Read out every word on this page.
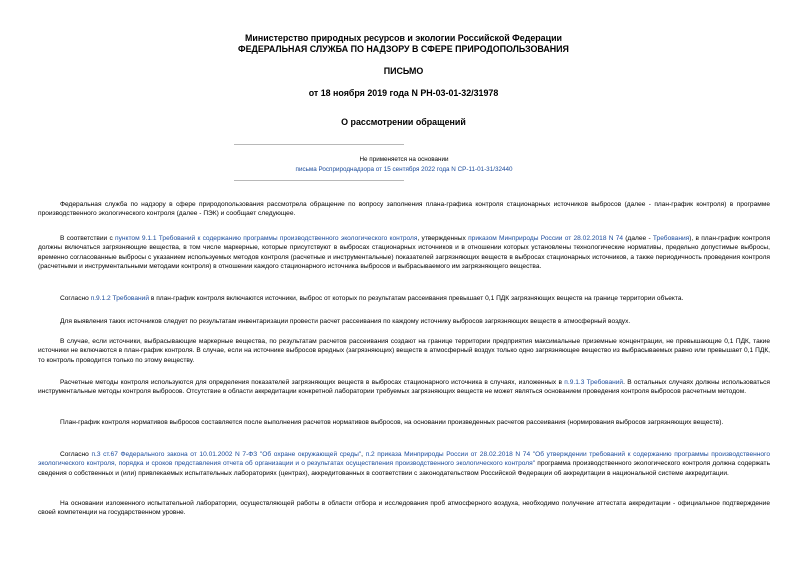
Министерство природных ресурсов и экологии Российской Федерации
ФЕДЕРАЛЬНАЯ СЛУЖБА ПО НАДЗОРУ В СФЕРЕ ПРИРОДОПОЛЬЗОВАНИЯ
ПИСЬМО
от 18 ноября 2019 года N РН-03-01-32/31978
О рассмотрении обращений
Не применяется на основании
письма Росприроднадзора от 15 сентября 2022 года N СР-11-01-31/32440

Федеральная служба по надзору в сфере природопользования рассмотрела обращение по вопросу заполнения плана-графика контроля стационарных источников выбросов (далее - план-график контроля) в программе производственного экологического контроля (далее - ПЭК) и сообщает следующее.

В соответствии с пунктом 9.1.1 Требований к содержанию программы производственного экологического контроля, утвержденных приказом Минприроды России от 28.02.2018 N 74 (далее - Требования), в план-график контроля должны включаться загрязняющие вещества, в том числе маркерные, которые присутствуют в выбросах стационарных источников и в отношении которых установлены технологические нормативы, предельно допустимые выбросы, временно согласованные выбросы с указанием используемых методов контроля (расчетные и инструментальные) показателей загрязняющих веществ в выбросах стационарных источников, а также периодичность проведения контроля (расчетными и инструментальными методами контроля) в отношении каждого стационарного источника выбросов и выбрасываемого им загрязняющего вещества.

Согласно п.9.1.2 Требований в план-график контроля включаются источники, выброс от которых по результатам рассеивания превышает 0,1 ПДК загрязняющих веществ на границе территории объекта.

Для выявления таких источников следует по результатам инвентаризации провести расчет рассеивания по каждому источнику выбросов загрязняющих веществ в атмосферный воздух.

В случае, если источники, выбрасывающие маркерные вещества, по результатам расчетов рассеивания создают на границе территории предприятия максимальные приземные концентрации, не превышающие 0,1 ПДК, такие источники не включаются в план-график контроля. В случае, если на источнике выбросов вредных (загрязняющих) веществ в атмосферный воздух только одно загрязняющее вещество из выбрасываемых равно или превышает 0,1 ПДК, то контроль проводится только по этому веществу.

Расчетные методы контроля используются для определения показателей загрязняющих веществ в выбросах стационарного источника в случаях, изложенных в п.9.1.3 Требований. В остальных случаях должны использоваться инструментальные методы контроля выбросов. Отсутствие в области аккредитации конкретной лаборатории требуемых загрязняющих веществ не может являться основанием проведения контроля выбросов расчетным методом.

План-график контроля нормативов выбросов составляется после выполнения расчетов нормативов выбросов, на основании произведенных расчетов рассеивания (нормирования выбросов загрязняющих веществ).

Согласно п.3 ст.67 Федерального закона от 10.01.2002 N 7-ФЗ "Об охране окружающей среды", п.2 приказа Минприроды России от 28.02.2018 N 74 "Об утверждении требований к содержанию программы производственного экологического контроля, порядка и сроков представления отчета об организации и о результатах осуществления производственного экологического контроля" программа производственного экологического контроля должна содержать сведения о собственных и (или) привлекаемых испытательных лабораториях (центрах), аккредитованных в соответствии с законодательством Российской Федерации об аккредитации в национальной системе аккредитации.

На основании изложенного испытательной лаборатории, осуществляющей работы в области отбора и исследования проб атмосферного воздуха, необходимо получение аттестата аккредитации - официальное подтверждение своей компетенции на государственном уровне.
